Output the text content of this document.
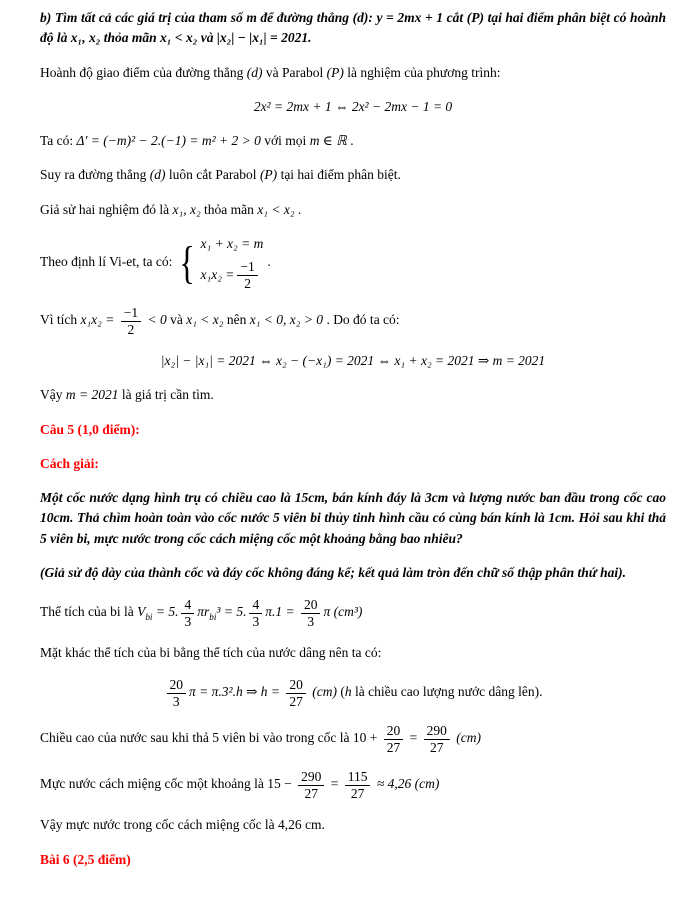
b) Tìm tất cả các giá trị của tham số m để đường thẳng (d): y = 2mx + 1 cắt (P) tại hai điểm phân biệt có hoành độ là x₁, x₂ thỏa mãn x₁ < x₂ và |x₂| − |x₁| = 2021.

Hoành độ giao điểm của đường thẳng (d) và Parabol (P) là nghiệm của phương trình:

2x² = 2mx + 1 ⇔ 2x² − 2mx − 1 = 0

Ta có: Δ′ = (−m)² − 2.(−1) = m² + 2 > 0 với mọi m ∈ ℝ .

Suy ra đường thẳng (d) luôn cắt Parabol (P) tại hai điểm phân biệt.

Giả sử hai nghiệm đó là x₁, x₂ thỏa mãn x₁ < x₂ .

Theo định lí Vi-et, ta có: { x₁ + x₂ = m
$x_1x_2 = \frac{-1}{2}$ .

Vì tích $x_1x_2 = \frac{-1}{2} < 0$ và x₁ < x₂ nên x₁ < 0, x₂ > 0 . Do đó ta có:

|x₂| − |x₁| = 2021 ⇔ x₂ − (−x₁) = 2021 ⇔ x₁ + x₂ = 2021 ⇒ m = 2021

Vậy m = 2021 là giá trị cần tìm.

Câu 5 (1,0 điểm):

Cách giải:

Một cốc nước dạng hình trụ có chiều cao là 15cm, bán kính đáy là 3cm và lượng nước ban đầu trong cốc cao 10cm. Thả chìm hoàn toàn vào cốc nước 5 viên bi thủy tinh hình cầu có cùng bán kính là 1cm. Hỏi sau khi thả 5 viên bi, mực nước trong cốc cách miệng cốc một khoảng bằng bao nhiêu?

(Giả sử độ dày của thành cốc và đáy cốc không đáng kể; kết quả làm tròn đến chữ số thập phân thứ hai).

Thể tích của bi là $V_{bi} = 5$. $\frac{4}{3} \pi r_{bi}^3 = 5$. $\frac{4}{3} \pi.1 = \frac{20}{3}$ π (cm³)

Mặt khác thể tích của bi bằng thể tích của nước dâng nên ta có:

$\frac{20}{3}$ π = π.3².h ⇒ $h = \frac{20}{27} (cm)$ (h là chiều cao lượng nước dâng lên).

Chiều cao của nước sau khi thả 5 viên bi vào trong cốc là $10 + \frac{20}{27} = \frac{290}{27} (cm)$

Mực nước cách miệng cốc một khoảng là $15 - \frac{290}{27} = \frac{115}{27} \approx 4,26$ (cm)

Vậy mực nước trong cốc cách miệng cốc là 4,26 cm.

Bài 6 (2,5 điểm)
